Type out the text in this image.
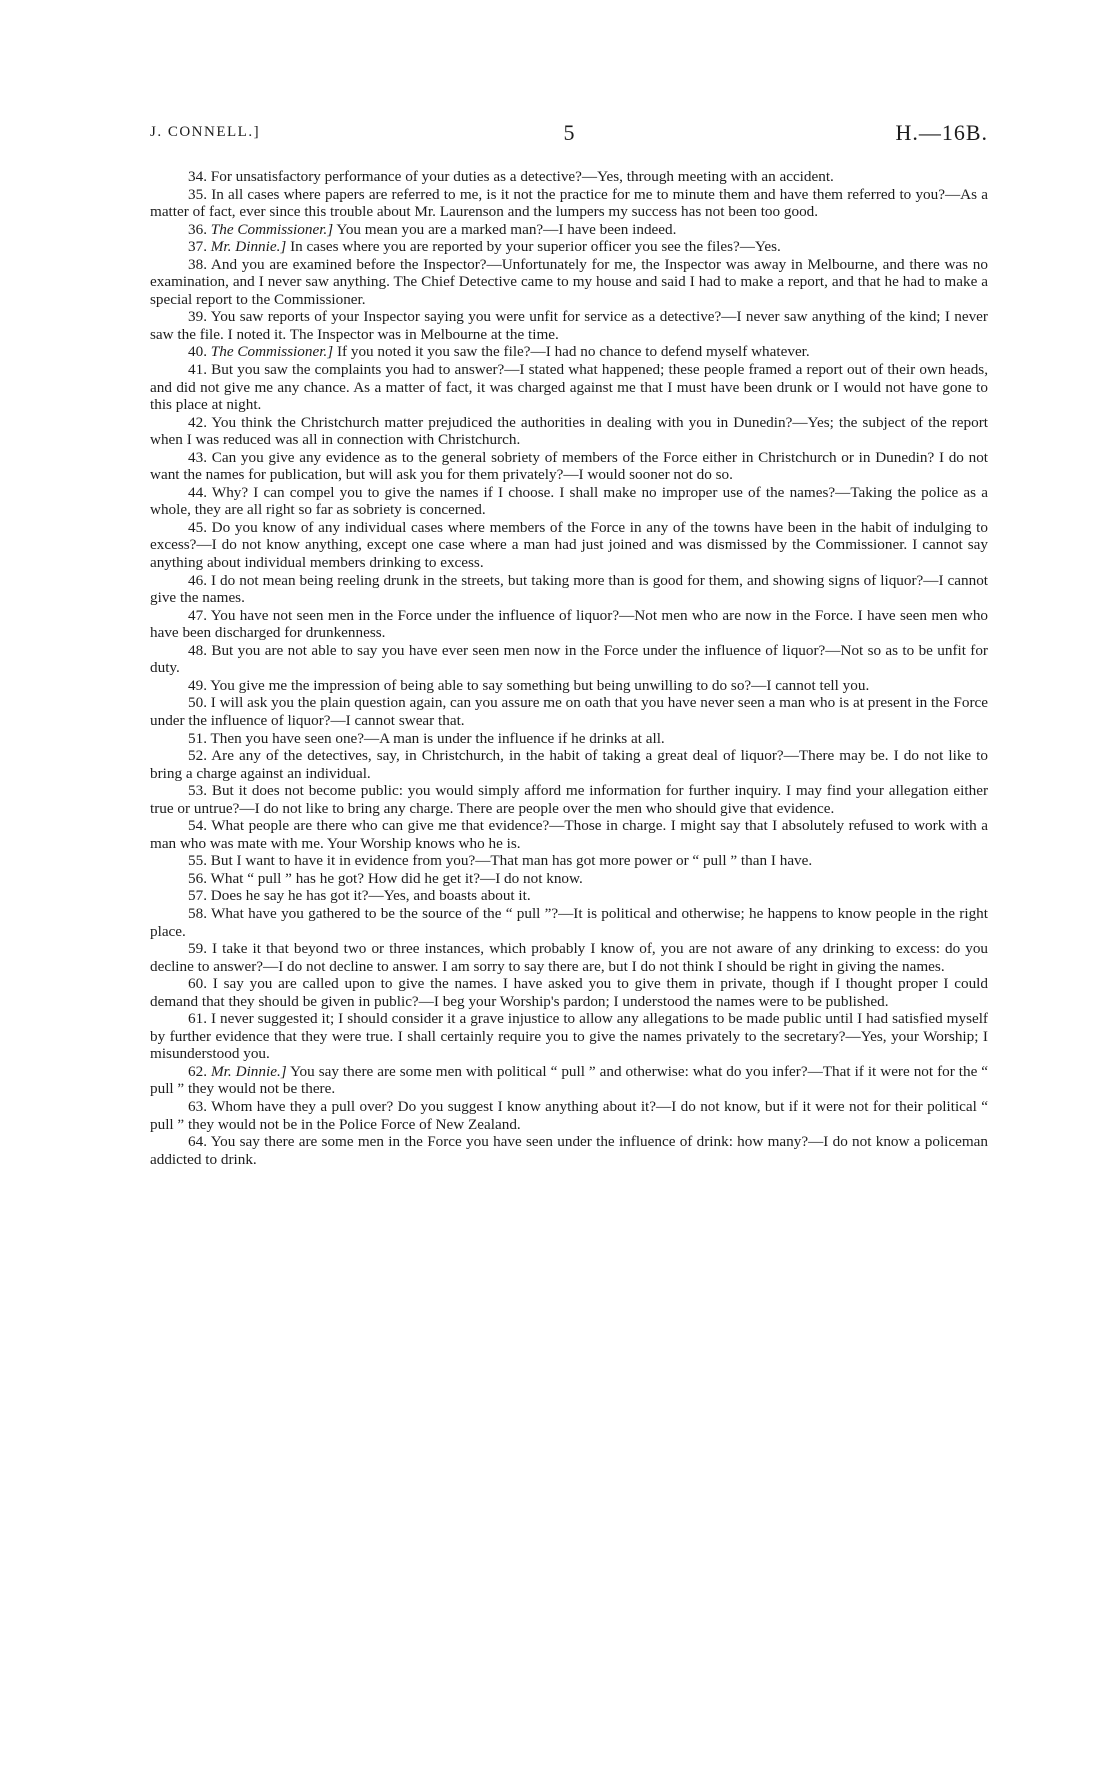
J. CONNELL.]	5	H.—16B.

34. For unsatisfactory performance of your duties as a detective?—Yes, through meeting with an accident.

35. In all cases where papers are referred to me, is it not the practice for me to minute them and have them referred to you?—As a matter of fact, ever since this trouble about Mr. Laurenson and the lumpers my success has not been too good.

36. The Commissioner.] You mean you are a marked man?—I have been indeed.

37. Mr. Dinnie.] In cases where you are reported by your superior officer you see the files?—Yes.

38. And you are examined before the Inspector?—Unfortunately for me, the Inspector was away in Melbourne, and there was no examination, and I never saw anything. The Chief Detective came to my house and said I had to make a report, and that he had to make a special report to the Commissioner.

39. You saw reports of your Inspector saying you were unfit for service as a detective?—I never saw anything of the kind; I never saw the file. I noted it. The Inspector was in Melbourne at the time.

40. The Commissioner.] If you noted it you saw the file?—I had no chance to defend myself whatever.

41. But you saw the complaints you had to answer?—I stated what happened; these people framed a report out of their own heads, and did not give me any chance. As a matter of fact, it was charged against me that I must have been drunk or I would not have gone to this place at night.

42. You think the Christchurch matter prejudiced the authorities in dealing with you in Dunedin?—Yes; the subject of the report when I was reduced was all in connection with Christchurch.

43. Can you give any evidence as to the general sobriety of members of the Force either in Christchurch or in Dunedin? I do not want the names for publication, but will ask you for them privately?—I would sooner not do so.

44. Why? I can compel you to give the names if I choose. I shall make no improper use of the names?—Taking the police as a whole, they are all right so far as sobriety is concerned.

45. Do you know of any individual cases where members of the Force in any of the towns have been in the habit of indulging to excess?—I do not know anything, except one case where a man had just joined and was dismissed by the Commissioner. I cannot say anything about individual members drinking to excess.

46. I do not mean being reeling drunk in the streets, but taking more than is good for them, and showing signs of liquor?—I cannot give the names.

47. You have not seen men in the Force under the influence of liquor?—Not men who are now in the Force. I have seen men who have been discharged for drunkenness.

48. But you are not able to say you have ever seen men now in the Force under the influence of liquor?—Not so as to be unfit for duty.

49. You give me the impression of being able to say something but being unwilling to do so?—I cannot tell you.

50. I will ask you the plain question again, can you assure me on oath that you have never seen a man who is at present in the Force under the influence of liquor?—I cannot swear that.

51. Then you have seen one?—A man is under the influence if he drinks at all.

52. Are any of the detectives, say, in Christchurch, in the habit of taking a great deal of liquor?—There may be. I do not like to bring a charge against an individual.

53. But it does not become public: you would simply afford me information for further inquiry. I may find your allegation either true or untrue?—I do not like to bring any charge. There are people over the men who should give that evidence.

54. What people are there who can give me that evidence?—Those in charge. I might say that I absolutely refused to work with a man who was mate with me. Your Worship knows who he is.

55. But I want to have it in evidence from you?—That man has got more power or “ pull ” than I have.

56. What “ pull ” has he got? How did he get it?—I do not know.

57. Does he say he has got it?—Yes, and boasts about it.

58. What have you gathered to be the source of the “ pull ”?—It is political and otherwise; he happens to know people in the right place.

59. I take it that beyond two or three instances, which probably I know of, you are not aware of any drinking to excess: do you decline to answer?—I do not decline to answer. I am sorry to say there are, but I do not think I should be right in giving the names.

60. I say you are called upon to give the names. I have asked you to give them in private, though if I thought proper I could demand that they should be given in public?—I beg your Worship's pardon; I understood the names were to be published.

61. I never suggested it; I should consider it a grave injustice to allow any allegations to be made public until I had satisfied myself by further evidence that they were true. I shall certainly require you to give the names privately to the secretary?—Yes, your Worship; I misunderstood you.

62. Mr. Dinnie.] You say there are some men with political “ pull ” and otherwise: what do you infer?—That if it were not for the “ pull ” they would not be there.

63. Whom have they a pull over? Do you suggest I know anything about it?—I do not know, but if it were not for their political “ pull ” they would not be in the Police Force of New Zealand.

64. You say there are some men in the Force you have seen under the influence of drink: how many?—I do not know a policeman addicted to drink.
